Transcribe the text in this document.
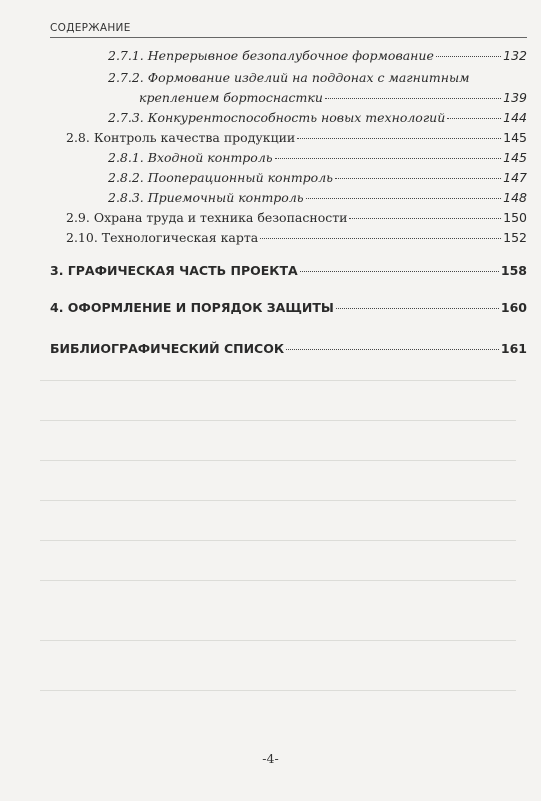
СОДЕРЖАНИЕ
2.7.1. Непрерывное безопалубочное формование	132
2.7.2. Формование изделий на поддонах с магнитным
креплением бортоснастки	139
2.7.3. Конкурентоспособность новых технологий	144
2.8. Контроль качества продукции	145
2.8.1. Входной контроль	145
2.8.2. Пооперационный контроль	147
2.8.3. Приемочный контроль	148
2.9. Охрана труда и техника безопасности	150
2.10. Технологическая карта	152
3. ГРАФИЧЕСКАЯ ЧАСТЬ ПРОЕКТА	158
4. ОФОРМЛЕНИЕ И ПОРЯДОК ЗАЩИТЫ	160
БИБЛИОГРАФИЧЕСКИЙ СПИСОК	161
-4-
